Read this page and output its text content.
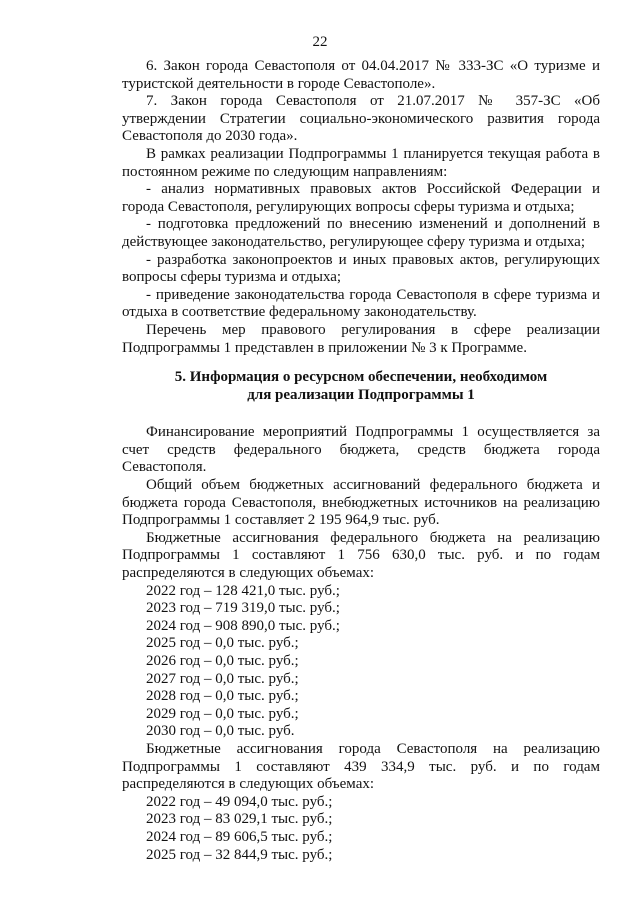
22

6. Закон города Севастополя от 04.04.2017 № 333-ЗС «О туризме и туристской деятельности в городе Севастополе».

7. Закон города Севастополя от 21.07.2017 № 357-ЗС «Об утверждении Стратегии социально-экономического развития города Севастополя до 2030 года».

В рамках реализации Подпрограммы 1 планируется текущая работа в постоянном режиме по следующим направлениям:

- анализ нормативных правовых актов Российской Федерации и города Севастополя, регулирующих вопросы сферы туризма и отдыха;

- подготовка предложений по внесению изменений и дополнений в действующее законодательство, регулирующее сферу туризма и отдыха;

- разработка законопроектов и иных правовых актов, регулирующих вопросы сферы туризма и отдыха;

- приведение законодательства города Севастополя в сфере туризма и отдыха в соответствие федеральному законодательству.

Перечень мер правового регулирования в сфере реализации Подпрограммы 1 представлен в приложении № 3 к Программе.

5. Информация о ресурсном обеспечении, необходимом
для реализации Подпрограммы 1

Финансирование мероприятий Подпрограммы 1 осуществляется за счет средств федерального бюджета, средств бюджета города Севастополя.

Общий объем бюджетных ассигнований федерального бюджета и бюджета города Севастополя, внебюджетных источников на реализацию Подпрограммы 1 составляет 2 195 964,9 тыс. руб.

Бюджетные ассигнования федерального бюджета на реализацию Подпрограммы 1 составляют 1 756 630,0 тыс. руб. и по годам распределяются в следующих объемах:

2022 год – 128 421,0 тыс. руб.;

2023 год – 719 319,0 тыс. руб.;

2024 год – 908 890,0 тыс. руб.;

2025 год – 0,0 тыс. руб.;

2026 год – 0,0 тыс. руб.;

2027 год – 0,0 тыс. руб.;

2028 год – 0,0 тыс. руб.;

2029 год – 0,0 тыс. руб.;

2030 год – 0,0 тыс. руб.

Бюджетные ассигнования города Севастополя на реализацию Подпрограммы 1 составляют 439 334,9 тыс. руб. и по годам распределяются в следующих объемах:

2022 год – 49 094,0 тыс. руб.;

2023 год – 83 029,1 тыс. руб.;

2024 год – 89 606,5 тыс. руб.;

2025 год – 32 844,9 тыс. руб.;
